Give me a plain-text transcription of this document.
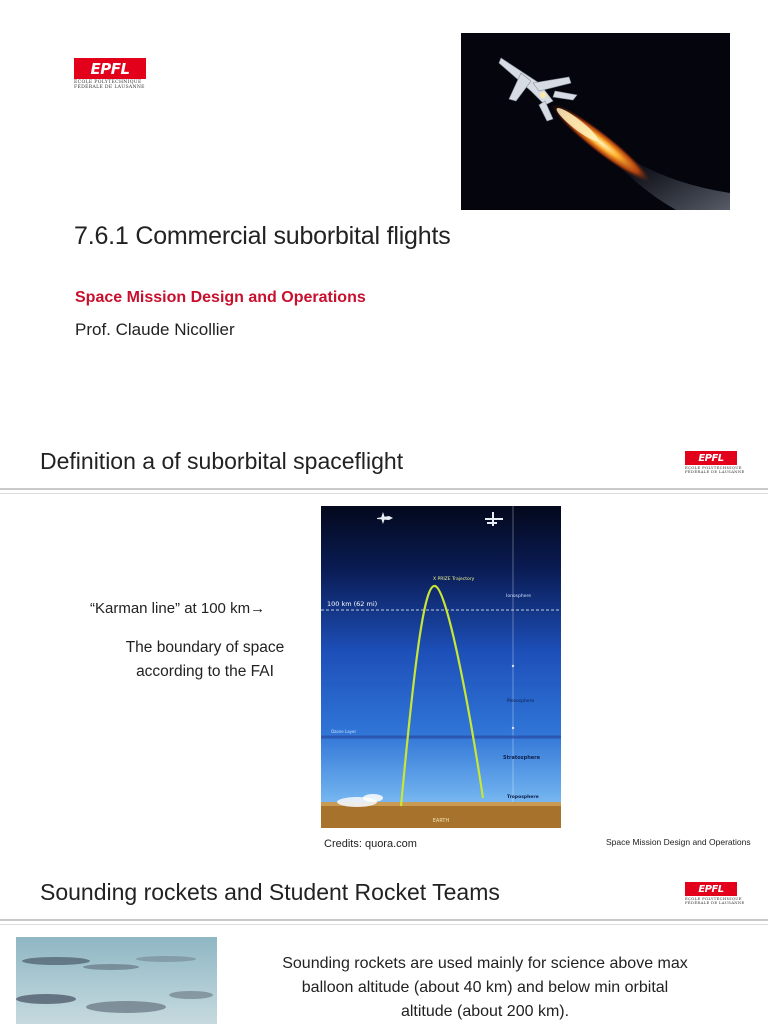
EPFL
ÉCOLE POLYTECHNIQUE
FÉDÉRALE DE LAUSANNE
7.6.1 Commercial suborbital flights
Space Mission Design and Operations
Prof. Claude Nicollier
Definition a of suborbital spaceflight	EPFL
ÉCOLE POLYTECHNIQUE
FÉDÉRALE DE LAUSANNE
EARTH
100 km (62 mi)
Ozone Layer
X PRIZE Trajectory
Ionosphere
Mesosphere
Stratosphere
Troposphere
“Karman line” at 100 km→
The boundary of space
according to the FAI
Credits: quora.com	Space Mission Design and Operations
Sounding rockets and Student Rocket Teams	EPFL
ÉCOLE POLYTECHNIQUE
FÉDÉRALE DE LAUSANNE
Sounding rockets are used mainly for science above max
balloon altitude (about 40 km) and below min orbital
altitude (about 200 km).
